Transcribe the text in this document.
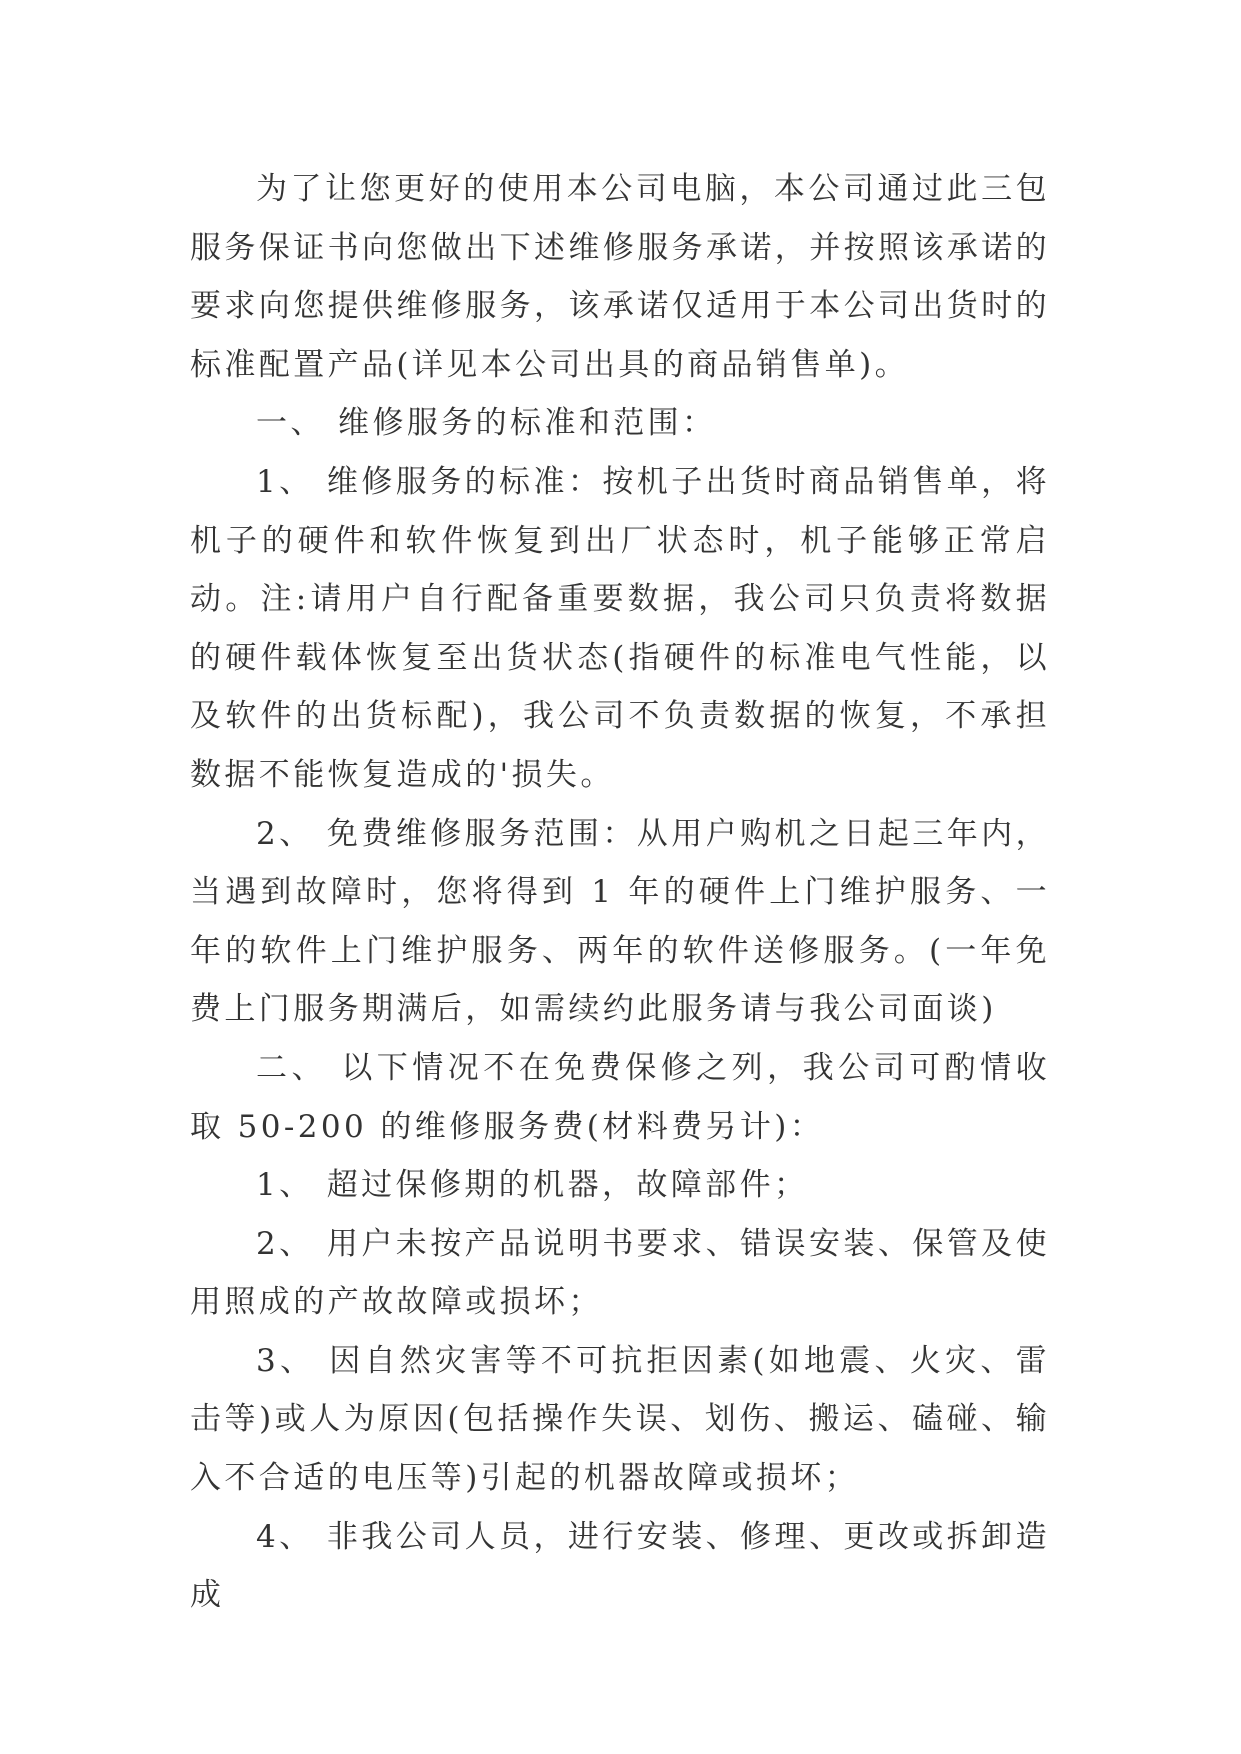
为了让您更好的使用本公司电脑，本公司通过此三包服务保证书向您做出下述维修服务承诺，并按照该承诺的要求向您提供维修服务，该承诺仅适用于本公司出货时的标准配置产品(详见本公司出具的商品销售单)。

一、 维修服务的标准和范围：

1、 维修服务的标准：按机子出货时商品销售单，将机子的硬件和软件恢复到出厂状态时，机子能够正常启动。注:请用户自行配备重要数据，我公司只负责将数据的硬件载体恢复至出货状态(指硬件的标准电气性能，以及软件的出货标配)，我公司不负责数据的恢复，不承担数据不能恢复造成的'损失。

2、 免费维修服务范围：从用户购机之日起三年内，当遇到故障时，您将得到 1 年的硬件上门维护服务、一年的软件上门维护服务、两年的软件送修服务。(一年免费上门服务期满后，如需续约此服务请与我公司面谈)

二、 以下情况不在免费保修之列，我公司可酌情收取 50-200 的维修服务费(材料费另计)：

1、 超过保修期的机器，故障部件；

2、 用户未按产品说明书要求、错误安装、保管及使用照成的产故故障或损坏；

3、 因自然灾害等不可抗拒因素(如地震、火灾、雷击等)或人为原因(包括操作失误、划伤、搬运、磕碰、输入不合适的电压等)引起的机器故障或损坏；

4、 非我公司人员，进行安装、修理、更改或拆卸造成
